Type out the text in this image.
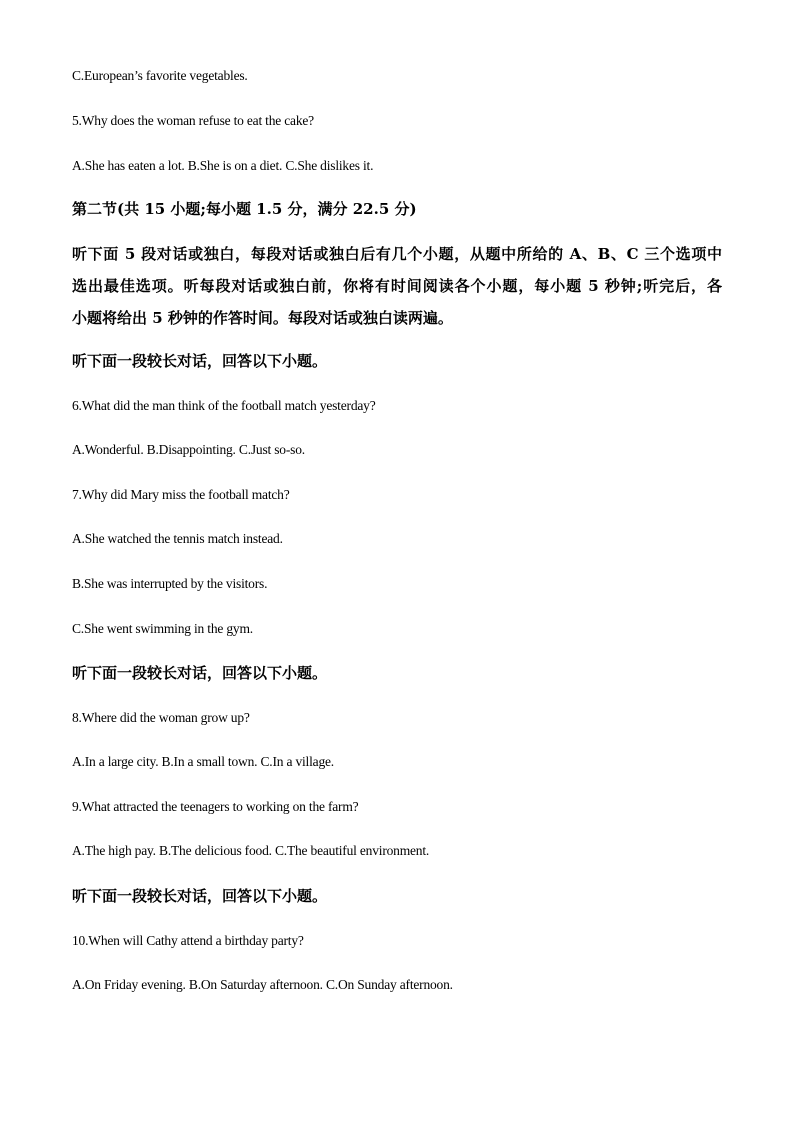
C.European’s favorite vegetables.
5.Why does the woman refuse to eat the cake?
A.She has eaten a lot. B.She is on a diet. C.She dislikes it.
第二节(共 15 小题;每小题 1.5 分，满分 22.5 分)
听下面 5 段对话或独白，每段对话或独白后有几个小题，从题中所给的 A、B、C 三个选项中
选出最佳选项。听每段对话或独白前，你将有时间阅读各个小题，每小题 5 秒钟;听完后，各
小题将给出 5 秒钟的作答时间。每段对话或独白读两遍。
听下面一段较长对话，回答以下小题。
6.What did the man think of the football match yesterday?
A.Wonderful. B.Disappointing. C.Just so-so.
7.Why did Mary miss the football match?
A.She watched the tennis match instead.
B.She was interrupted by the visitors.
C.She went swimming in the gym.
听下面一段较长对话，回答以下小题。
8.Where did the woman grow up?
A.In a large city. B.In a small town. C.In a village.
9.What attracted the teenagers to working on the farm?
A.The high pay. B.The delicious food. C.The beautiful environment.
听下面一段较长对话，回答以下小题。
10.When will Cathy attend a birthday party?
A.On Friday evening. B.On Saturday afternoon. C.On Sunday afternoon.
